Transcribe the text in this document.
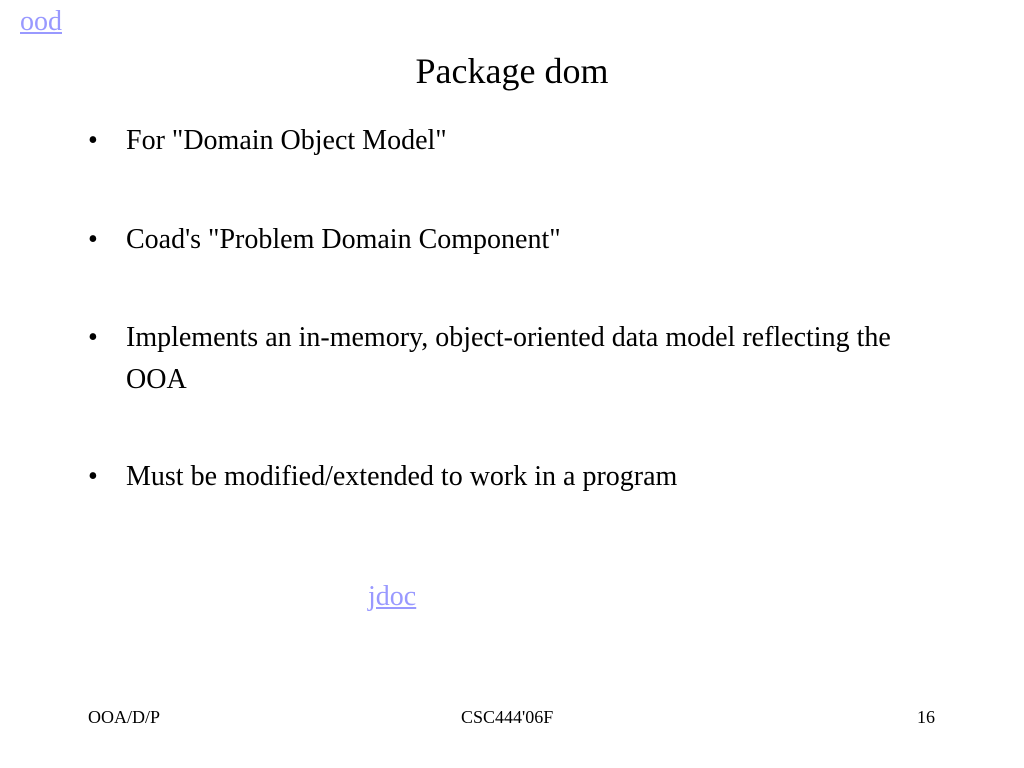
ood
Package dom
•	For "Domain Object Model"
•	Coad's "Problem Domain Component"
•	Implements an in-memory, object-oriented data model reflecting the OOA
•	Must be modified/extended to work in a program
jdoc
OOA/D/P	CSC444'06F	16
